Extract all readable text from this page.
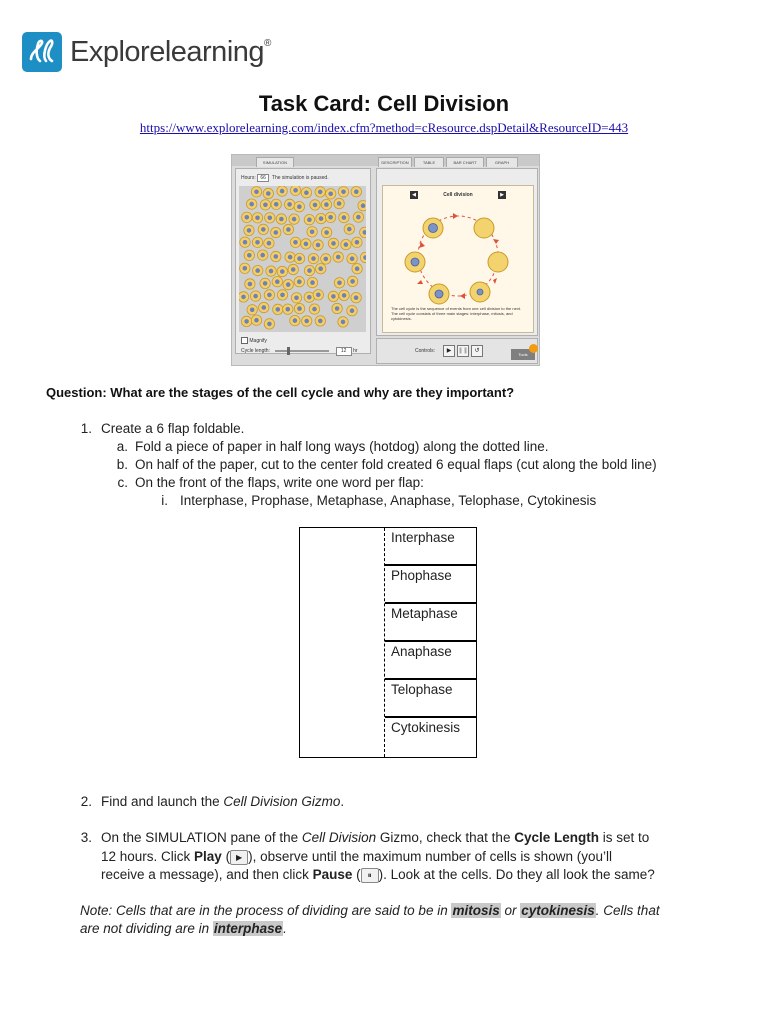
Explorelearning®
Task Card: Cell Division
https://www.explorelearning.com/index.cfm?method=cResource.dspDetail&ResourceID=443
SIMULATION	DESCRIPTION	TABLE	BAR CHART	GRAPH
Hours: 66 The simulation is paused.
Magnify
Cycle length:	12 hr
◀	Cell division	▶
The cell cycle is the sequence of events from one cell division to the next. The cell cycle consists of three main stages: interphase, mitosis, and cytokinesis.
Controls:	▶	❚❚	↺
Tools
Question: What are the stages of the cell cycle and why are they important?
1. Create a 6 flap foldable.
a. Fold a piece of paper in half long ways (hotdog) along the dotted line.
b. On half of the paper, cut to the center fold created 6 equal flaps (cut along the bold line)
c. On the front of the flaps, write one word per flap:
i. Interphase, Prophase, Metaphase, Anaphase, Telophase, Cytokinesis
Interphase
Phophase
Metaphase
Anaphase
Telophase
Cytokinesis
2. Find and launch the Cell Division Gizmo.
3. On the SIMULATION pane of the Cell Division Gizmo, check that the Cycle Length is set to
12 hours. Click Play ( ▶ ), observe until the maximum number of cells is shown (you’ll
receive a message), and then click Pause ( ⏸ ). Look at the cells. Do they all look the same?
Note: Cells that are in the process of dividing are said to be in mitosis or cytokinesis. Cells that
are not dividing are in interphase.
